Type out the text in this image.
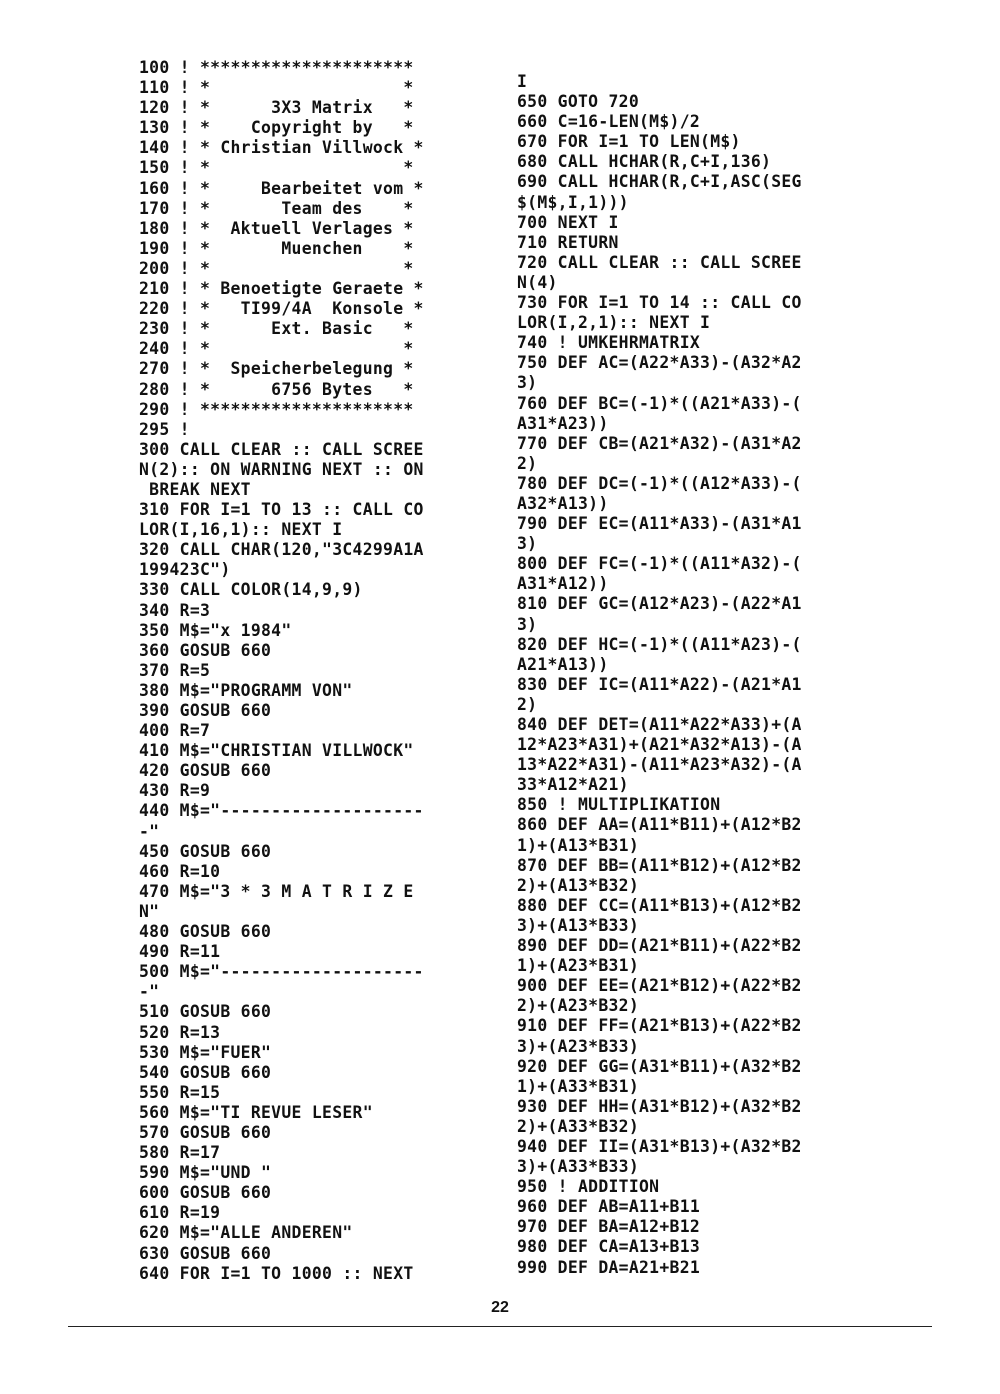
100 ! *********************
110 ! *                   *
120 ! *      3X3 Matrix   *
130 ! *    Copyright by   *
140 ! * Christian Villwock *
150 ! *                   *
160 ! *     Bearbeitet vom *
170 ! *       Team des    *
180 ! *  Aktuell Verlages *
190 ! *       Muenchen    *
200 ! *                   *
210 ! * Benoetigte Geraete *
220 ! *   TI99/4A  Konsole *
230 ! *      Ext. Basic   *
240 ! *                   *
270 ! *  Speicherbelegung *
280 ! *      6756 Bytes   *
290 ! *********************
295 !
300 CALL CLEAR :: CALL SCREE
N(2):: ON WARNING NEXT :: ON
BREAK NEXT
310 FOR I=1 TO 13 :: CALL CO
LOR(I,16,1):: NEXT I
320 CALL CHAR(120,"3C4299A1A
199423C")
330 CALL COLOR(14,9,9)
340 R=3
350 M$="x 1984"
360 GOSUB 660
370 R=5
380 M$="PROGRAMM VON"
390 GOSUB 660
400 R=7
410 M$="CHRISTIAN VILLWOCK"
420 GOSUB 660
430 R=9
440 M$="--------------------
-"
450 GOSUB 660
460 R=10
470 M$="3 * 3 M A T R I Z E
N"
480 GOSUB 660
490 R=11
500 M$="--------------------
-"
510 GOSUB 660
520 R=13
530 M$="FUER"
540 GOSUB 660
550 R=15
560 M$="TI REVUE LESER"
570 GOSUB 660
580 R=17
590 M$="UND "
600 GOSUB 660
610 R=19
620 M$="ALLE ANDEREN"
630 GOSUB 660
640 FOR I=1 TO 1000 :: NEXT
I
650 GOTO 720
660 C=16-LEN(M$)/2
670 FOR I=1 TO LEN(M$)
680 CALL HCHAR(R,C+I,136)
690 CALL HCHAR(R,C+I,ASC(SEG
$(M$,I,1)))
700 NEXT I
710 RETURN
720 CALL CLEAR :: CALL SCREE
N(4)
730 FOR I=1 TO 14 :: CALL CO
LOR(I,2,1):: NEXT I
740 ! UMKEHRMATRIX
750 DEF AC=(A22*A33)-(A32*A2
3)
760 DEF BC=(-1)*((A21*A33)-(
A31*A23))
770 DEF CB=(A21*A32)-(A31*A2
2)
780 DEF DC=(-1)*((A12*A33)-(
A32*A13))
790 DEF EC=(A11*A33)-(A31*A1
3)
800 DEF FC=(-1)*((A11*A32)-(
A31*A12))
810 DEF GC=(A12*A23)-(A22*A1
3)
820 DEF HC=(-1)*((A11*A23)-(
A21*A13))
830 DEF IC=(A11*A22)-(A21*A1
2)
840 DEF DET=(A11*A22*A33)+(A
12*A23*A31)+(A21*A32*A13)-(A
13*A22*A31)-(A11*A23*A32)-(A
33*A12*A21)
850 ! MULTIPLIKATION
860 DEF AA=(A11*B11)+(A12*B2
1)+(A13*B31)
870 DEF BB=(A11*B12)+(A12*B2
2)+(A13*B32)
880 DEF CC=(A11*B13)+(A12*B2
3)+(A13*B33)
890 DEF DD=(A21*B11)+(A22*B2
1)+(A23*B31)
900 DEF EE=(A21*B12)+(A22*B2
2)+(A23*B32)
910 DEF FF=(A21*B13)+(A22*B2
3)+(A23*B33)
920 DEF GG=(A31*B11)+(A32*B2
1)+(A33*B31)
930 DEF HH=(A31*B12)+(A32*B2
2)+(A33*B32)
940 DEF II=(A31*B13)+(A32*B2
3)+(A33*B33)
950 ! ADDITION
960 DEF AB=A11+B11
970 DEF BA=A12+B12
980 DEF CA=A13+B13
990 DEF DA=A21+B21
22
